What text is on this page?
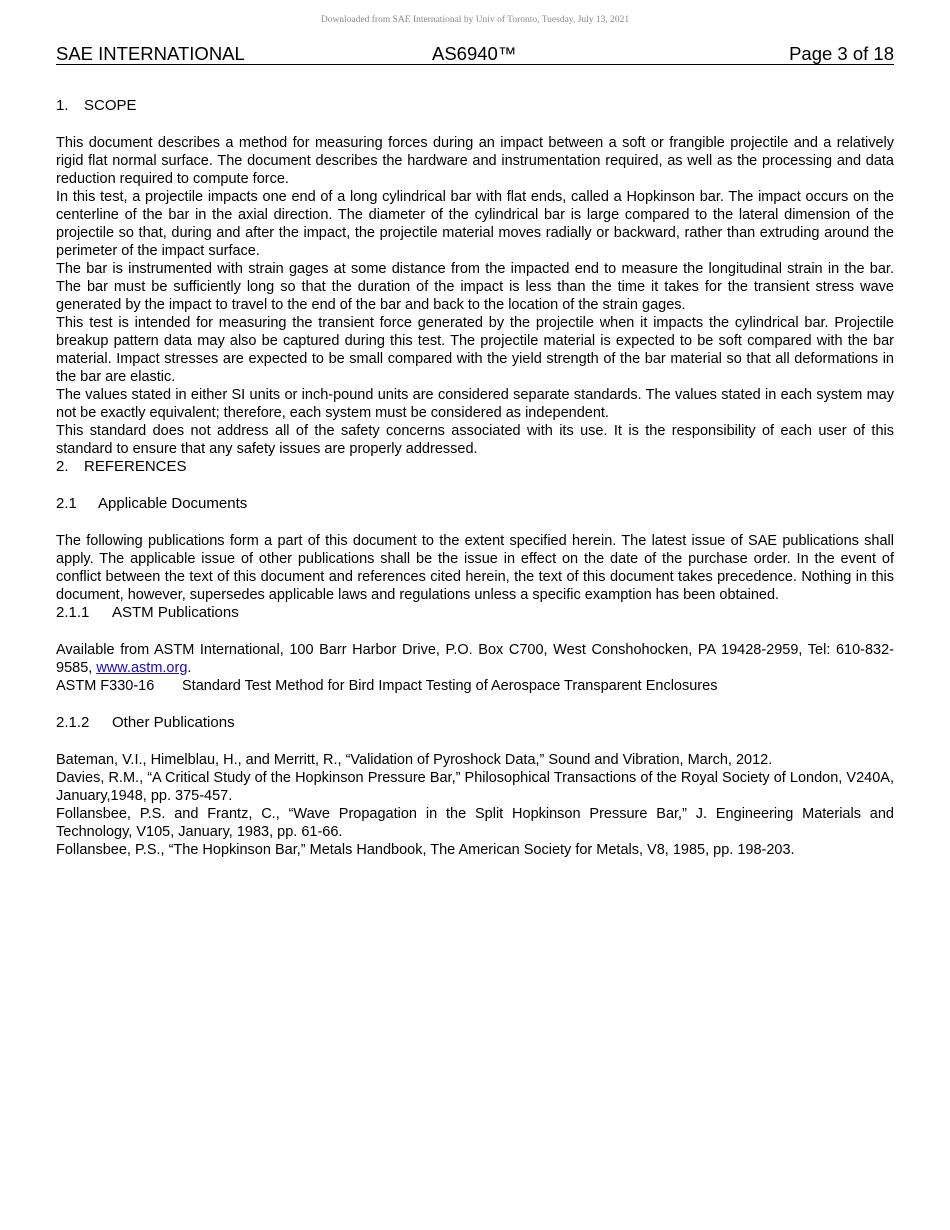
Downloaded from SAE International by Univ of Toronto, Tuesday, July 13, 2021
SAE INTERNATIONAL	AS6940™	Page 3 of 18
1. SCOPE

This document describes a method for measuring forces during an impact between a soft or frangible projectile and a relatively rigid flat normal surface. The document describes the hardware and instrumentation required, as well as the processing and data reduction required to compute force.

In this test, a projectile impacts one end of a long cylindrical bar with flat ends, called a Hopkinson bar. The impact occurs on the centerline of the bar in the axial direction. The diameter of the cylindrical bar is large compared to the lateral dimension of the projectile so that, during and after the impact, the projectile material moves radially or backward, rather than extruding around the perimeter of the impact surface.

The bar is instrumented with strain gages at some distance from the impacted end to measure the longitudinal strain in the bar. The bar must be sufficiently long so that the duration of the impact is less than the time it takes for the transient stress wave generated by the impact to travel to the end of the bar and back to the location of the strain gages.

This test is intended for measuring the transient force generated by the projectile when it impacts the cylindrical bar. Projectile breakup pattern data may also be captured during this test. The projectile material is expected to be soft compared with the bar material. Impact stresses are expected to be small compared with the yield strength of the bar material so that all deformations in the bar are elastic.

The values stated in either SI units or inch-pound units are considered separate standards. The values stated in each system may not be exactly equivalent; therefore, each system must be considered as independent.

This standard does not address all of the safety concerns associated with its use. It is the responsibility of each user of this standard to ensure that any safety issues are properly addressed.

2. REFERENCES
2.1 Applicable Documents

The following publications form a part of this document to the extent specified herein. The latest issue of SAE publications shall apply. The applicable issue of other publications shall be the issue in effect on the date of the purchase order. In the event of conflict between the text of this document and references cited herein, the text of this document takes precedence. Nothing in this document, however, supersedes applicable laws and regulations unless a specific examption has been obtained.

2.1.1 ASTM Publications

Available from ASTM International, 100 Barr Harbor Drive, P.O. Box C700, West Conshohocken, PA 19428-2959, Tel: 610-832-9585, www.astm.org.

ASTM F330-16 Standard Test Method for Bird Impact Testing of Aerospace Transparent Enclosures
2.1.2 Other Publications

Bateman, V.I., Himelblau, H., and Merritt, R., “Validation of Pyroshock Data,” Sound and Vibration, March, 2012.

Davies, R.M., “A Critical Study of the Hopkinson Pressure Bar,” Philosophical Transactions of the Royal Society of London, V240A, January,1948, pp. 375-457.

Follansbee, P.S. and Frantz, C., “Wave Propagation in the Split Hopkinson Pressure Bar,” J. Engineering Materials and Technology, V105, January, 1983, pp. 61-66.

Follansbee, P.S., “The Hopkinson Bar,” Metals Handbook, The American Society for Metals, V8, 1985, pp. 198-203.
